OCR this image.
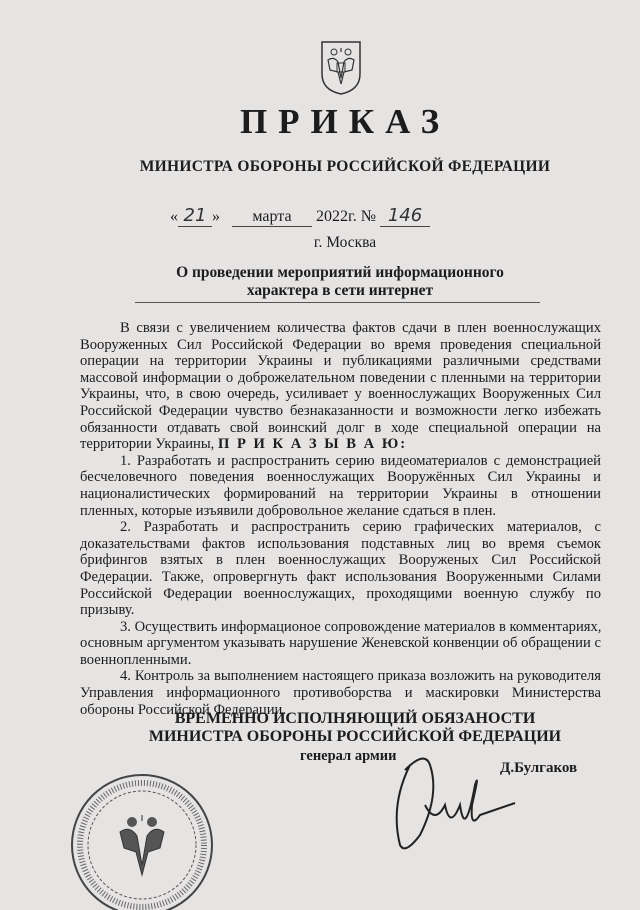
ПРИКАЗ
МИНИСТРА ОБОРОНЫ РОССИЙСКОЙ ФЕДЕРАЦИИ
« 21 »   марта 2022г. № 146
г. Москва
О проведении мероприятий информационного характера в сети интернет
В связи с увеличением количества фактов сдачи в плен военнослужащих
Вооруженных Сил Российской Федерации во время проведения специальной
операции на территории Украины и публикациями различными средствами
массовой информации о доброжелательном поведении с пленными на территории
Украины, что, в свою очередь, усиливает у военнослужащих Вооруженных Сил
Российской Федерации чувство безнаказанности и возможности легко избежать
обязанности отдавать свой воинский долг в ходе специальной операции на
территории Украины, П Р И К А З Ы В А Ю:
1. Разработать и распространить серию видеоматериалов с демонстрацией
бесчеловечного поведения военнослужащих Вооружённых Сил Украины и
националистических формирований на территории Украины в отношении
пленных, которые изъявили добровольное желание сдаться в плен.
2. Разработать и распространить серию графических материалов, с
доказательствами фактов использования подставных лиц во время съемок
брифингов взятых в плен военнослужащих Вооруженых Сил Российской
Федерации. Также, опровергнуть факт использования Вооруженными Силами
Российской Федерации военнослужащих, проходящими военную службу по
призыву.
3. Осуществить информационое сопровождение материалов в комментариях,
основным аргументом указывать нарушение Женевской конвенции об обращении с
военнопленными.
4. Контроль за выполнением настоящего приказа возложить на руководителя
Управления информационного противоборства и маскировки Министерства
обороны Российской Федерации.
ВРЕМЕННО ИСПОЛНЯЮЩИЙ ОБЯЗАНОСТИ
МИНИСТРА ОБОРОНЫ РОССИЙСКОЙ ФЕДЕРАЦИИ
генерал армии
Д.Булгаков
